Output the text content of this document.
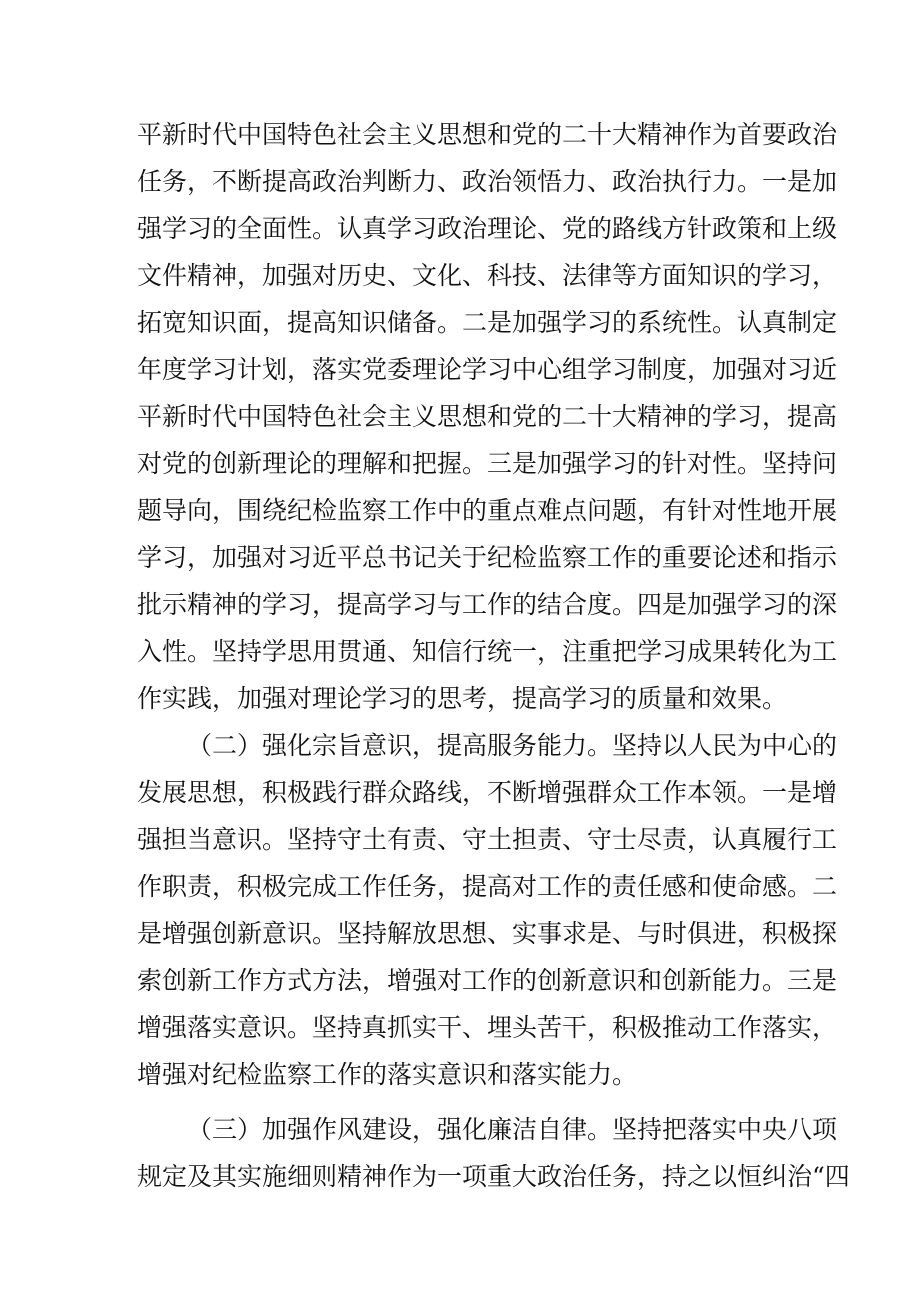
平新时代中国特色社会主义思想和党的二十大精神作为首要政治
任务，不断提高政治判断力、政治领悟力、政治执行力。一是加
强学习的全面性。认真学习政治理论、党的路线方针政策和上级
文件精神，加强对历史、文化、科技、法律等方面知识的学习，
拓宽知识面，提高知识储备。二是加强学习的系统性。认真制定
年度学习计划，落实党委理论学习中心组学习制度，加强对习近
平新时代中国特色社会主义思想和党的二十大精神的学习，提高
对党的创新理论的理解和把握。三是加强学习的针对性。坚持问
题导向，围绕纪检监察工作中的重点难点问题，有针对性地开展
学习，加强对习近平总书记关于纪检监察工作的重要论述和指示
批示精神的学习，提高学习与工作的结合度。四是加强学习的深
入性。坚持学思用贯通、知信行统一，注重把学习成果转化为工
作实践，加强对理论学习的思考，提高学习的质量和效果。
（二）强化宗旨意识，提高服务能力。坚持以人民为中心的
发展思想，积极践行群众路线，不断增强群众工作本领。一是增
强担当意识。坚持守土有责、守土担责、守士尽责，认真履行工
作职责，积极完成工作任务，提高对工作的责任感和使命感。二
是增强创新意识。坚持解放思想、实事求是、与时俱进，积极探
索创新工作方式方法，增强对工作的创新意识和创新能力。三是
增强落实意识。坚持真抓实干、埋头苦干，积极推动工作落实，
增强对纪检监察工作的落实意识和落实能力。
（三）加强作风建设，强化廉洁自律。坚持把落实中央八项
规定及其实施细则精神作为一项重大政治任务，持之以恒纠治“四
